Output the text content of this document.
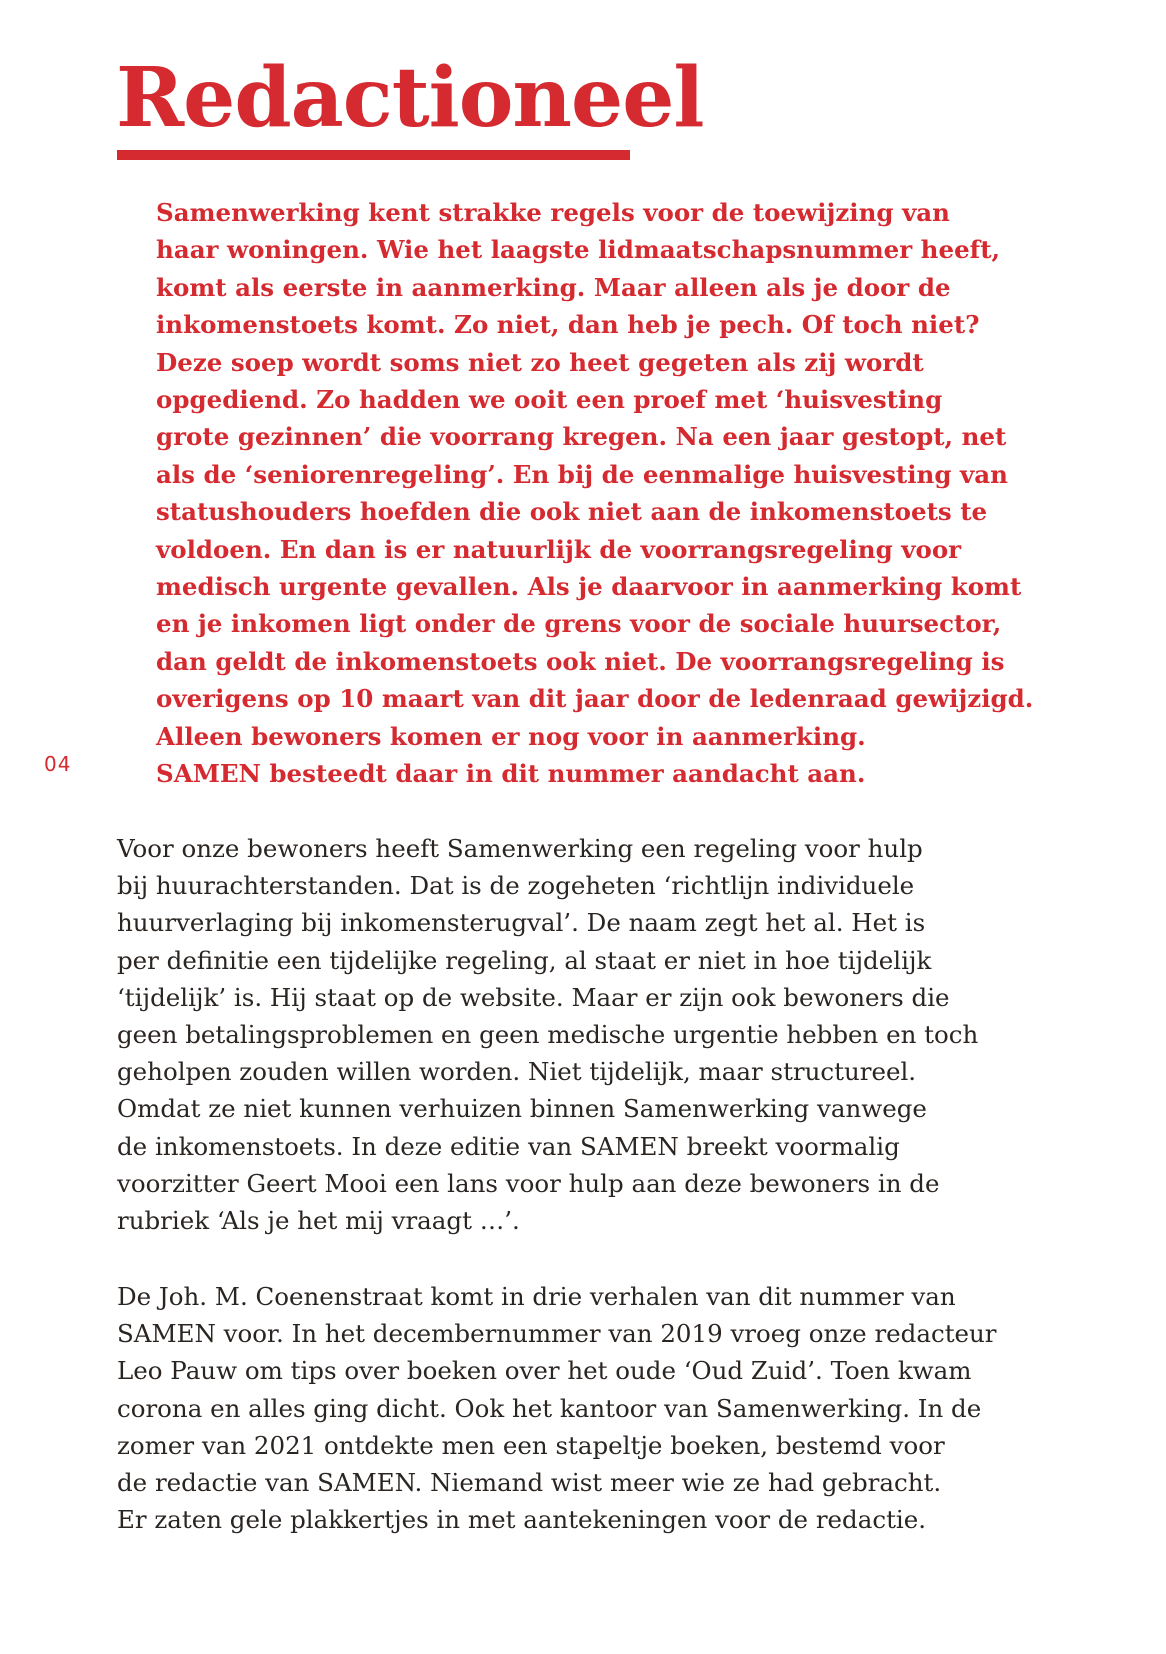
Redactioneel
04
Samenwerking kent strakke regels voor de toewijzing van
haar woningen. Wie het laagste lidmaatschapsnummer heeft,
komt als eerste in aanmerking. Maar alleen als je door de
inkomenstoets komt. Zo niet, dan heb je pech. Of toch niet?
Deze soep wordt soms niet zo heet gegeten als zij wordt
opgediend. Zo hadden we ooit een proef met ‘huisvesting
grote gezinnen’ die voorrang kregen. Na een jaar gestopt, net
als de ‘seniorenregeling’. En bij de eenmalige huisvesting van
statushouders hoefden die ook niet aan de inkomenstoets te
voldoen. En dan is er natuurlijk de voorrangsregeling voor
medisch urgente gevallen. Als je daarvoor in aanmerking komt
en je inkomen ligt onder de grens voor de sociale huursector,
dan geldt de inkomenstoets ook niet. De voorrangsregeling is
overigens op 10 maart van dit jaar door de ledenraad gewijzigd.
Alleen bewoners komen er nog voor in aanmerking.
SAMEN besteedt daar in dit nummer aandacht aan.
Voor onze bewoners heeft Samenwerking een regeling voor hulp
bij huurachterstanden. Dat is de zogeheten ‘richtlijn individuele
huurverlaging bij inkomensterugval’. De naam zegt het al. Het is
per definitie een tijdelijke regeling, al staat er niet in hoe tijdelijk
‘tijdelijk’ is. Hij staat op de website. Maar er zijn ook bewoners die
geen betalingsproblemen en geen medische urgentie hebben en toch
geholpen zouden willen worden. Niet tijdelijk, maar structureel.
Omdat ze niet kunnen verhuizen binnen Samenwerking vanwege
de inkomenstoets. In deze editie van SAMEN breekt voormalig
voorzitter Geert Mooi een lans voor hulp aan deze bewoners in de
rubriek ‘Als je het mij vraagt …’.
De Joh. M. Coenenstraat komt in drie verhalen van dit nummer van
SAMEN voor. In het decembernummer van 2019 vroeg onze redacteur
Leo Pauw om tips over boeken over het oude ‘Oud Zuid’. Toen kwam
corona en alles ging dicht. Ook het kantoor van Samenwerking. In de
zomer van 2021 ontdekte men een stapeltje boeken, bestemd voor
de redactie van SAMEN. Niemand wist meer wie ze had gebracht.
Er zaten gele plakkertjes in met aantekeningen voor de redactie.
